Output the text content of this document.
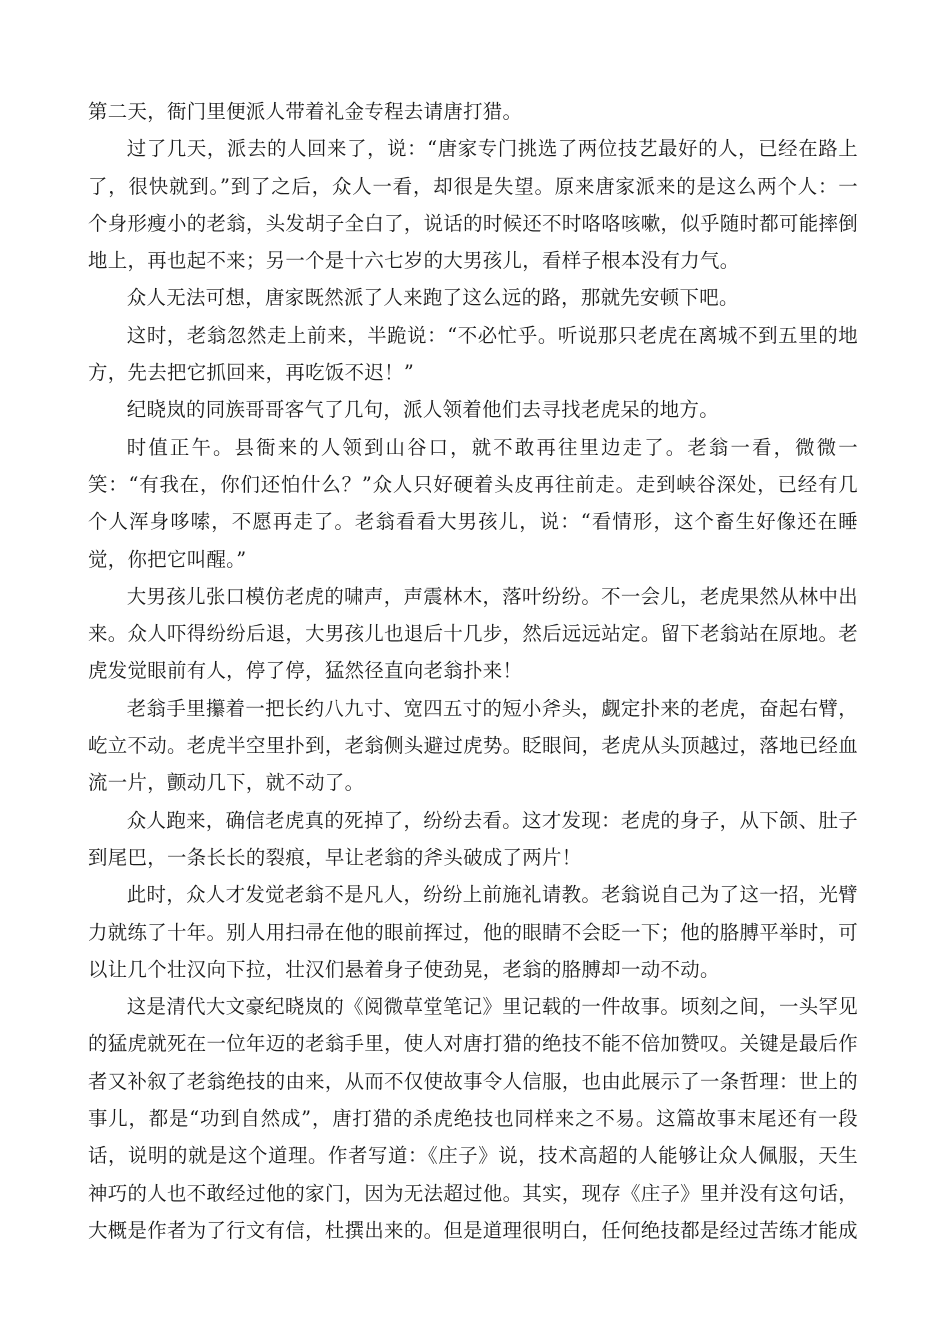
第二天，衙门里便派人带着礼金专程去请唐打猎。

过了几天，派去的人回来了，说：“唐家专门挑选了两位技艺最好的人，已经在路上了，很快就到。”到了之后，众人一看，却很是失望。原来唐家派来的是这么两个人：一个身形瘦小的老翁，头发胡子全白了，说话的时候还不时咯咯咳嗽，似乎随时都可能摔倒地上，再也起不来；另一个是十六七岁的大男孩儿，看样子根本没有力气。

众人无法可想，唐家既然派了人来跑了这么远的路，那就先安顿下吧。

这时，老翁忽然走上前来，半跪说：“不必忙乎。听说那只老虎在离城不到五里的地方，先去把它抓回来，再吃饭不迟！”

纪晓岚的同族哥哥客气了几句，派人领着他们去寻找老虎呆的地方。

时值正午。县衙来的人领到山谷口，就不敢再往里边走了。老翁一看，微微一笑：“有我在，你们还怕什么？”众人只好硬着头皮再往前走。走到峡谷深处，已经有几个人浑身哆嗦，不愿再走了。老翁看看大男孩儿，说：“看情形，这个畜生好像还在睡觉，你把它叫醒。”

大男孩儿张口模仿老虎的啸声，声震林木，落叶纷纷。不一会儿，老虎果然从林中出来。众人吓得纷纷后退，大男孩儿也退后十几步，然后远远站定。留下老翁站在原地。老虎发觉眼前有人，停了停，猛然径直向老翁扑来！

老翁手里攥着一把长约八九寸、宽四五寸的短小斧头，觑定扑来的老虎，奋起右臂，屹立不动。老虎半空里扑到，老翁侧头避过虎势。眨眼间，老虎从头顶越过，落地已经血流一片，颤动几下，就不动了。

众人跑来，确信老虎真的死掉了，纷纷去看。这才发现：老虎的身子，从下颌、肚子到尾巴，一条长长的裂痕，早让老翁的斧头破成了两片！

此时，众人才发觉老翁不是凡人，纷纷上前施礼请教。老翁说自己为了这一招，光臂力就练了十年。别人用扫帚在他的眼前挥过，他的眼睛不会眨一下；他的胳膊平举时，可以让几个壮汉向下拉，壮汉们悬着身子使劲晃，老翁的胳膊却一动不动。

这是清代大文豪纪晓岚的《阅微草堂笔记》里记载的一件故事。顷刻之间，一头罕见的猛虎就死在一位年迈的老翁手里，使人对唐打猎的绝技不能不倍加赞叹。关键是最后作者又补叙了老翁绝技的由来，从而不仅使故事令人信服，也由此展示了一条哲理：世上的事儿，都是“功到自然成”，唐打猎的杀虎绝技也同样来之不易。这篇故事末尾还有一段话，说明的就是这个道理。作者写道：《庄子》说，技术高超的人能够让众人佩服，天生神巧的人也不敢经过他的家门，因为无法超过他。其实，现存《庄子》里并没有这句话，大概是作者为了行文有信，杜撰出来的。但是道理很明白，任何绝技都是经过苦练才能成
